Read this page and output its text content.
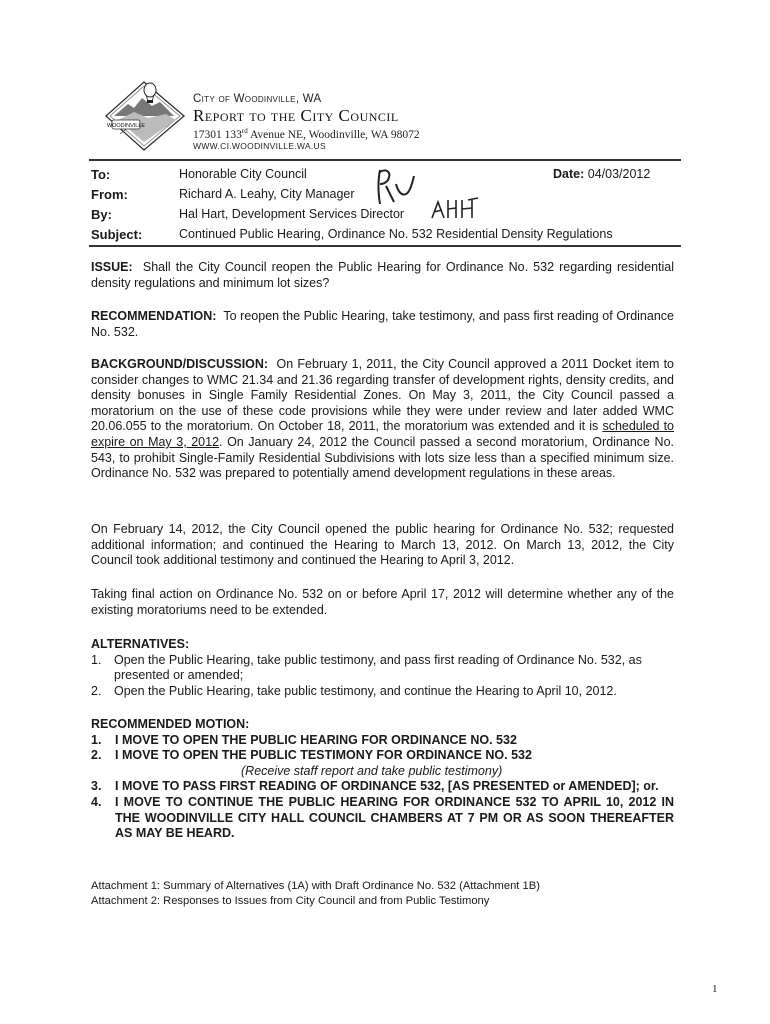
WOODINVILLE
City of Woodinville, WA
Report to the City Council
17301 133rd Avenue NE, Woodinville, WA 98072
WWW.CI.WOODINVILLE.WA.US
To:	Honorable City Council	Date: 04/03/2012
From:	Richard A. Leahy, City Manager
By:	Hal Hart, Development Services Director
Subject:	Continued Public Hearing, Ordinance No. 532 Residential Density Regulations
ISSUE: Shall the City Council reopen the Public Hearing for Ordinance No. 532 regarding residential density regulations and minimum lot sizes?
RECOMMENDATION: To reopen the Public Hearing, take testimony, and pass first reading of Ordinance No. 532.
BACKGROUND/DISCUSSION: On February 1, 2011, the City Council approved a 2011 Docket item to consider changes to WMC 21.34 and 21.36 regarding transfer of development rights, density credits, and density bonuses in Single Family Residential Zones. On May 3, 2011, the City Council passed a moratorium on the use of these code provisions while they were under review and later added WMC 20.06.055 to the moratorium. On October 18, 2011, the moratorium was extended and it is scheduled to expire on May 3, 2012. On January 24, 2012 the Council passed a second moratorium, Ordinance No. 543, to prohibit Single-Family Residential Subdivisions with lots size less than a specified minimum size. Ordinance No. 532 was prepared to potentially amend development regulations in these areas.
On February 14, 2012, the City Council opened the public hearing for Ordinance No. 532; requested additional information; and continued the Hearing to March 13, 2012. On March 13, 2012, the City Council took additional testimony and continued the Hearing to April 3, 2012.
Taking final action on Ordinance No. 532 on or before April 17, 2012 will determine whether any of the existing moratoriums need to be extended.
ALTERNATIVES:
1. Open the Public Hearing, take public testimony, and pass first reading of Ordinance No. 532, as presented or amended;
2. Open the Public Hearing, take public testimony, and continue the Hearing to April 10, 2012.
RECOMMENDED MOTION:
1. I MOVE TO OPEN THE PUBLIC HEARING FOR ORDINANCE NO. 532
2. I MOVE TO OPEN THE PUBLIC TESTIMONY FOR ORDINANCE NO. 532
(Receive staff report and take public testimony)
3. I MOVE TO PASS FIRST READING OF ORDINANCE 532, [AS PRESENTED or AMENDED]; or.
4. I MOVE TO CONTINUE THE PUBLIC HEARING FOR ORDINANCE 532 TO APRIL 10, 2012 IN THE WOODINVILLE CITY HALL COUNCIL CHAMBERS AT 7 PM OR AS SOON THEREAFTER AS MAY BE HEARD.
Attachment 1: Summary of Alternatives (1A) with Draft Ordinance No. 532 (Attachment 1B)
Attachment 2: Responses to Issues from City Council and from Public Testimony
1
